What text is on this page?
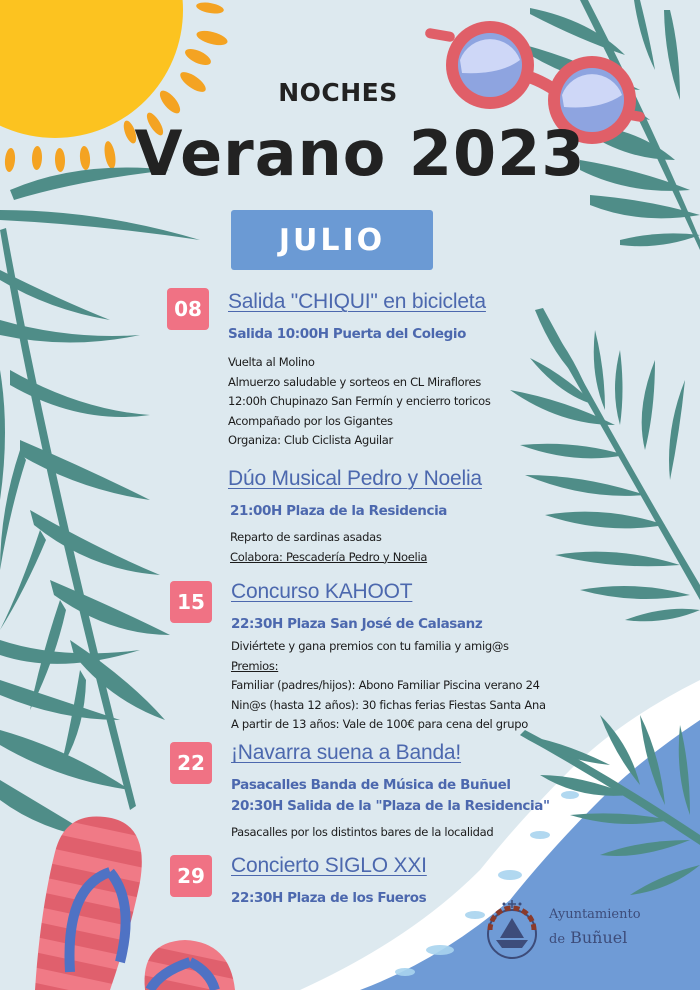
NOCHES
Verano 2023
JULIO
08	Salida "CHIQUI" en bicicleta
Salida 10:00H Puerta del Colegio
Vuelta al Molino
Almuerzo saludable y sorteos en CL Miraflores
12:00h Chupinazo San Fermín y encierro toricos
Acompañado por los Gigantes
Organiza: Club Ciclista Aguilar
Dúo Musical Pedro y Noelia
21:00H Plaza de la Residencia
Reparto de sardinas asadas
Colabora: Pescadería Pedro y Noelia
15	Concurso KAHOOT
22:30H Plaza San José de Calasanz
Diviértete y gana premios con tu familia y amig@s
Premios:
Familiar (padres/hijos): Abono Familiar Piscina verano 24
Nin@s (hasta 12 años): 30 fichas ferias Fiestas Santa Ana
A partir de 13 años: Vale de 100€ para cena del grupo
22	¡Navarra suena a Banda!
Pasacalles Banda de Música de Buñuel
20:30H Salida de la "Plaza de la Residencia"
Pasacalles por los distintos bares de la localidad
29	Concierto SIGLO XXI
22:30H Plaza de los Fueros
Ayuntamiento
de Buñuel
